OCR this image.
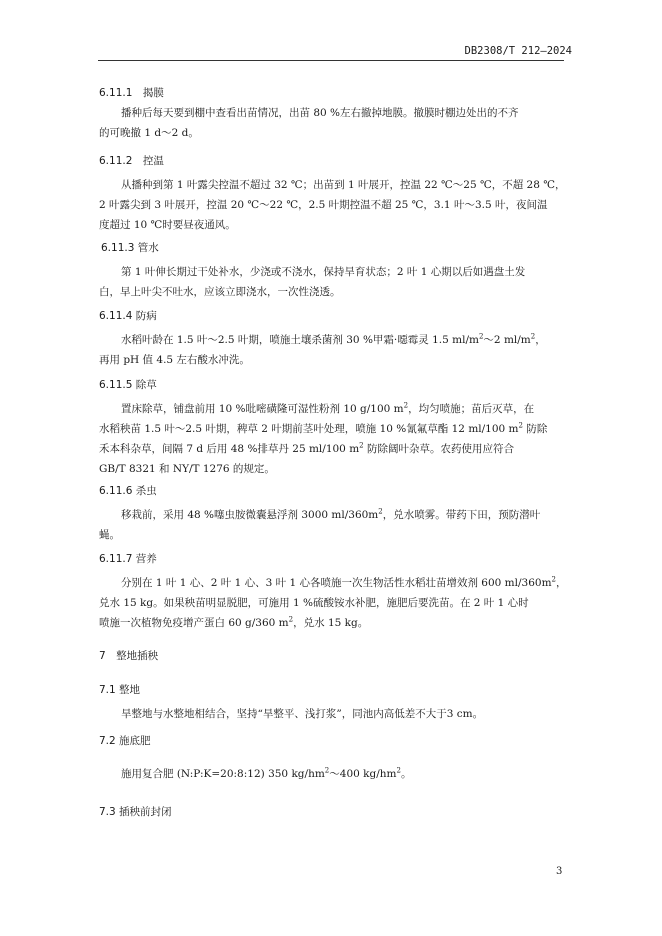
DB2308/T 212—2024
6.11.1　揭膜
播种后每天要到棚中查看出苗情况，出苗 80 %左右撤掉地膜。撤膜时棚边处出的不齐
的可晚撤 1 d～2 d。
6.11.2　控温
从播种到第 1 叶露尖控温不超过 32 ℃；出苗到 1 叶展开，控温 22 ℃～25 ℃，不超 28 ℃，
2 叶露尖到 3 叶展开，控温 20 ℃～22 ℃，2.5 叶期控温不超 25 ℃，3.1 叶～3.5 叶，夜间温
度超过 10 ℃时要昼夜通风。
6.11.3 管水
第 1 叶伸长期过干处补水，少浇或不浇水，保持旱育状态；2 叶 1 心期以后如遇盘土发
白，早上叶尖不吐水，应该立即浇水，一次性浇透。
6.11.4 防病
水稻叶龄在 1.5 叶～2.5 叶期，喷施土壤杀菌剂 30 %甲霜·噁霉灵 1.5 $ml/m^2\sim 2$ $ml/m^2$，
再用 pH 值 4.5 左右酸水冲洗。
6.11.5 除草
置床除草，铺盘前用 10 %吡嘧磺隆可湿性粉剂 10 g/100 $m^2$，均匀喷施；苗后灭草，在
水稻秧苗 1.5 叶～2.5 叶期，稗草 2 叶期前茎叶处理，喷施 10 %氰氟草酯 12 ml/100 $m^2$ 防除
禾本科杂草，间隔 7 d 后用 48 %排草丹 25 ml/100 $m^2$ 防除阔叶杂草。农药使用应符合
GB/T 8321 和 NY/T 1276 的规定。
6.11.6 杀虫
移栽前，采用 48 %噻虫胺微囊悬浮剂 3000 $ml/360m^2$，兑水喷雾。带药下田，预防潜叶
蝇。
6.11.7 营养
分别在 1 叶 1 心、2 叶 1 心、3 叶 1 心各喷施一次生物活性水稻壮苗增效剂 600 $ml/360m^2$，
兑水 15 kg。如果秧苗明显脱肥，可施用 1 %硫酸铵水补肥，施肥后要洗苗。在 2 叶 1 心时
喷施一次植物免疫增产蛋白 60 g/360 $m^2$，兑水 15 kg。
7　整地插秧
7.1 整地
旱整地与水整地相结合，坚持“旱整平、浅打浆”，同池内高低差不大于3 cm。
7.2 施底肥
施用复合肥 (N:P:K=20:8:12) 350 $kg/hm^2\sim 400$ $kg/hm^2$。
7.3 插秧前封闭
3
